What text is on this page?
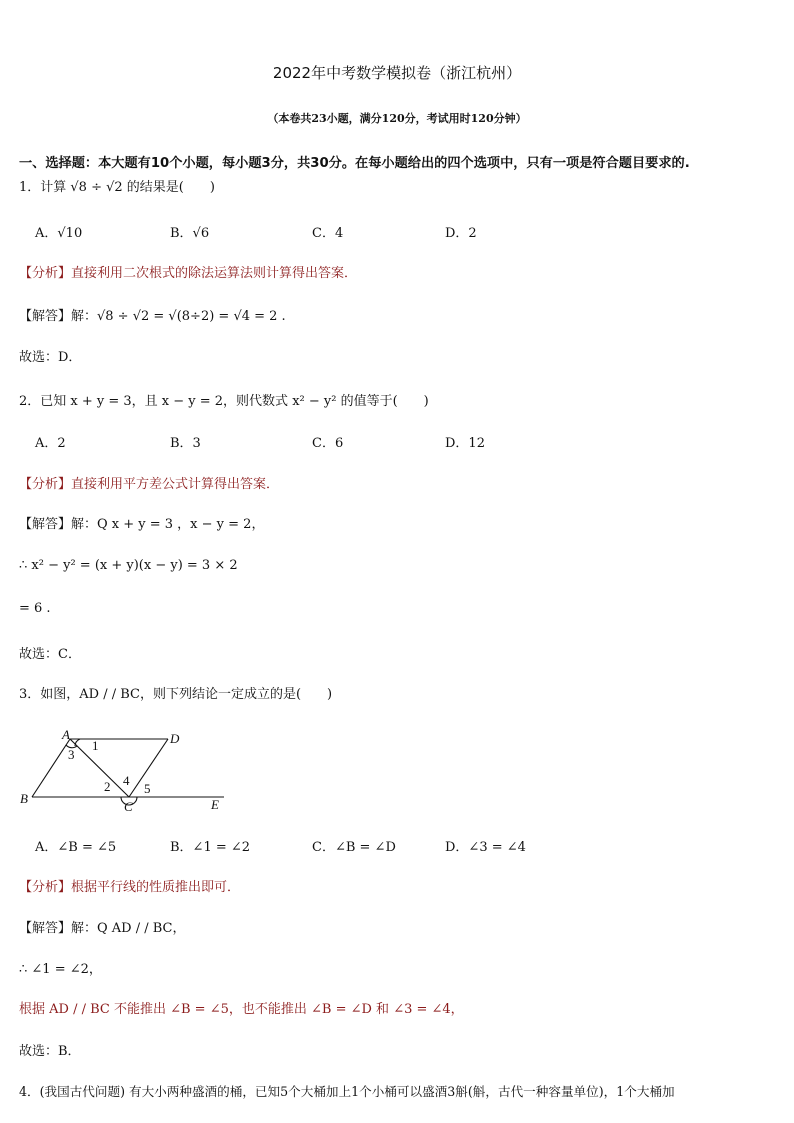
2022年中考数学模拟卷（浙江杭州）
（本卷共23小题，满分120分，考试用时120分钟）
一、选择题：本大题有10个小题，每小题3分，共30分。在每小题给出的四个选项中，只有一项是符合题目要求的.
1．计算 √8 ÷ √2 的结果是(　　)
A．√10	B．√6	C．4	D．2
【分析】直接利用二次根式的除法运算法则计算得出答案．
【解答】解：√8 ÷ √2 = √(8÷2) = √4 = 2 .
故选：D．
2．已知 x + y = 3，且 x − y = 2，则代数式 x² − y² 的值等于(　　)
A．2	B．3	C．6	D．12
【分析】直接利用平方差公式计算得出答案．
【解答】解：Q x + y = 3 ，x − y = 2，
∴ x² − y² = (x + y)(x − y) = 3 × 2
= 6 .
故选：C．
3．如图，AD / / BC，则下列结论一定成立的是(　　)
A	D
B
C	E
1
2
3
4
5
A．∠B = ∠5	B．∠1 = ∠2	C．∠B = ∠D	D．∠3 = ∠4
【分析】根据平行线的性质推出即可．
【解答】解：Q AD / / BC，
∴ ∠1 = ∠2，
根据 AD / / BC 不能推出 ∠B = ∠5，也不能推出 ∠B = ∠D 和 ∠3 = ∠4，
故选：B．
4．(我国古代问题) 有大小两种盛酒的桶，已知5个大桶加上1个小桶可以盛酒3斛(斛，古代一种容量单位)，1个大桶加
